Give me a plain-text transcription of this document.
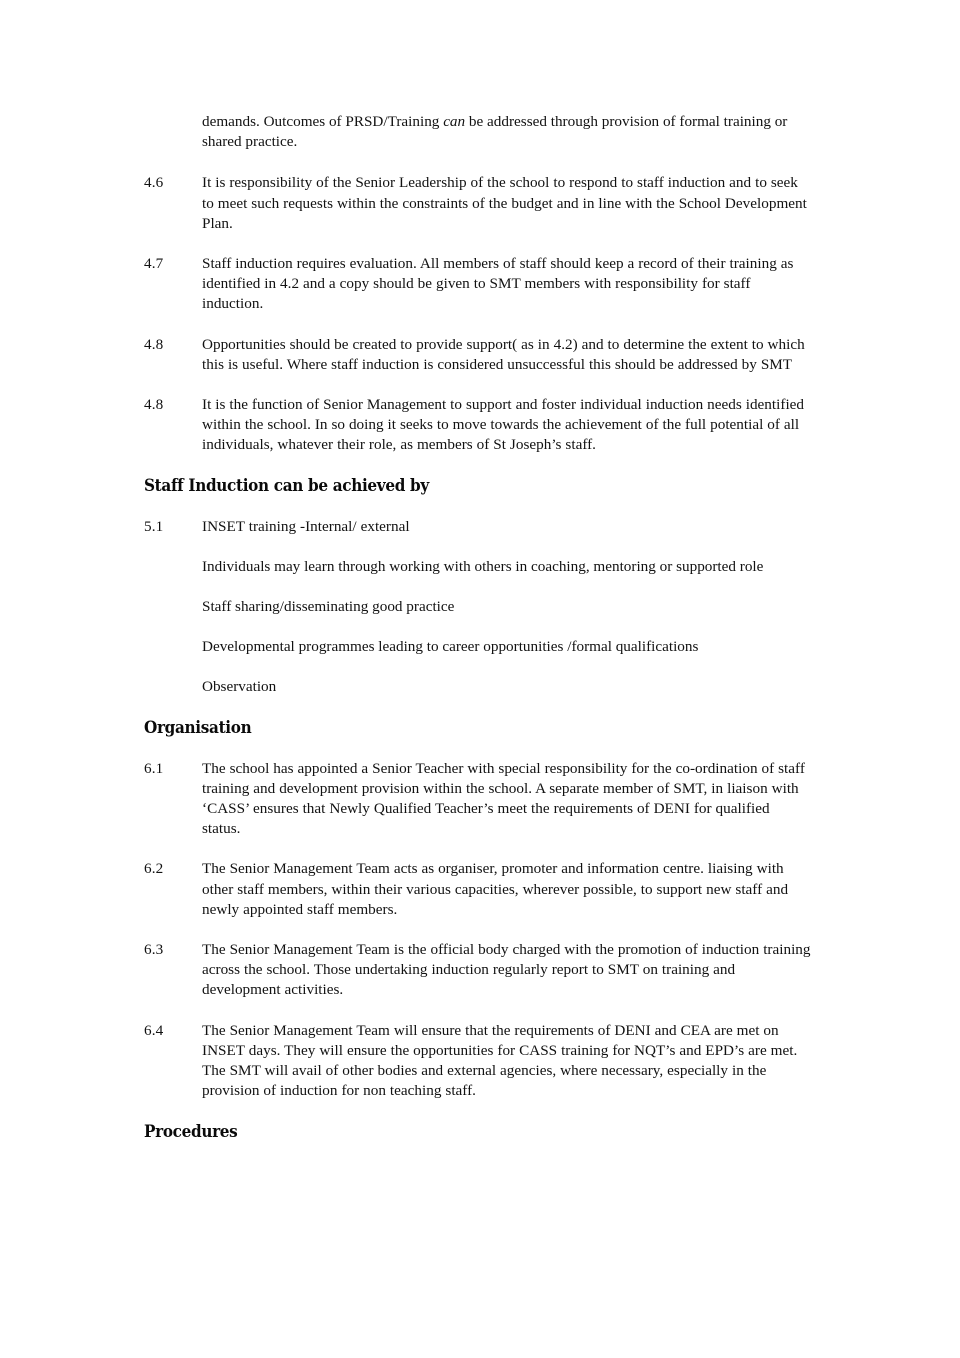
demands. Outcomes of PRSD/Training can be addressed through provision of formal training or shared practice.

4.6	It is responsibility of the Senior Leadership of the school to respond to staff induction and to seek to meet such requests within the constraints of the budget and in line with the School Development Plan.
4.7	Staff induction requires evaluation. All members of staff should keep a record of their training as identified in 4.2 and a copy should be given to SMT members with responsibility for staff induction.
4.8	Opportunities should be created to provide support( as in 4.2) and to determine the extent to which this is useful. Where staff induction is considered unsuccessful this should be addressed by SMT
4.8	It is the function of Senior Management to support and foster individual induction needs identified within the school. In so doing it seeks to move towards the achievement of the full potential of all individuals, whatever their role, as members of St Joseph’s staff.
Staff Induction can be achieved by
5.1	INSET training -Internal/ external

Individuals may learn through working with others in coaching, mentoring or supported role

Staff sharing/disseminating good practice

Developmental programmes leading to career opportunities /formal qualifications

Observation

Organisation
6.1	The school has appointed a Senior Teacher with special responsibility for the co-ordination of staff training and development provision within the school. A separate member of SMT, in liaison with ‘CASS’ ensures that Newly Qualified Teacher’s meet the requirements of DENI for qualified status.
6.2	The Senior Management Team acts as organiser, promoter and information centre. liaising with other staff members, within their various capacities, wherever possible, to support new staff and newly appointed staff members.
6.3	The Senior Management Team is the official body charged with the promotion of induction training across the school. Those undertaking induction regularly report to SMT on training and development activities.
6.4	The Senior Management Team will ensure that the requirements of DENI and CEA are met on INSET days. They will ensure the opportunities for CASS training for NQT’s and EPD’s are met. The SMT will avail of other bodies and external agencies, where necessary, especially in the provision of induction for non teaching staff.
Procedures
